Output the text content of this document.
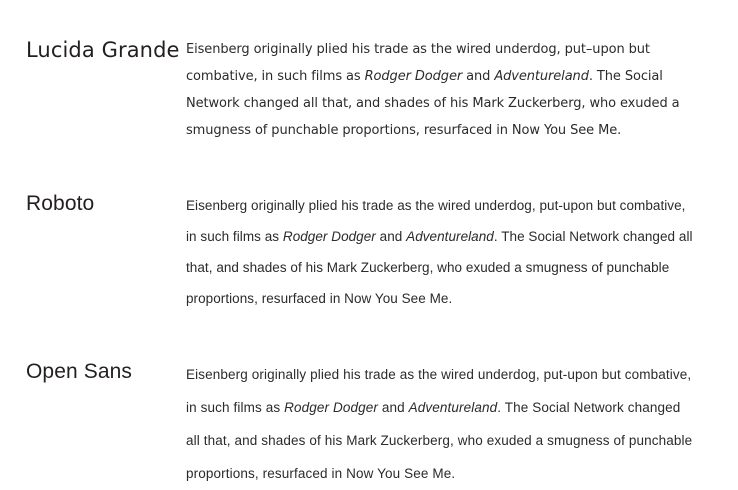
Lucida Grande Eisenberg originally plied his trade as the wired underdog, put–upon but combative, in such films as Rodger Dodger and Adventureland. The Social Network changed all that, and shades of his Mark Zuckerberg, who exuded a smugness of punchable proportions, resurfaced in Now You See Me.
Roboto	Eisenberg originally plied his trade as the wired underdog, put-upon but combative, in such films as Rodger Dodger and Adventureland. The Social Network changed all that, and shades of his Mark Zuckerberg, who exuded a smugness of punchable proportions, resurfaced in Now You See Me.
Open Sans	Eisenberg originally plied his trade as the wired underdog, put-upon but combative, in such films as Rodger Dodger and Adventureland. The Social Network changed all that, and shades of his Mark Zuckerberg, who exuded a smugness of punchable proportions, resurfaced in Now You See Me.
